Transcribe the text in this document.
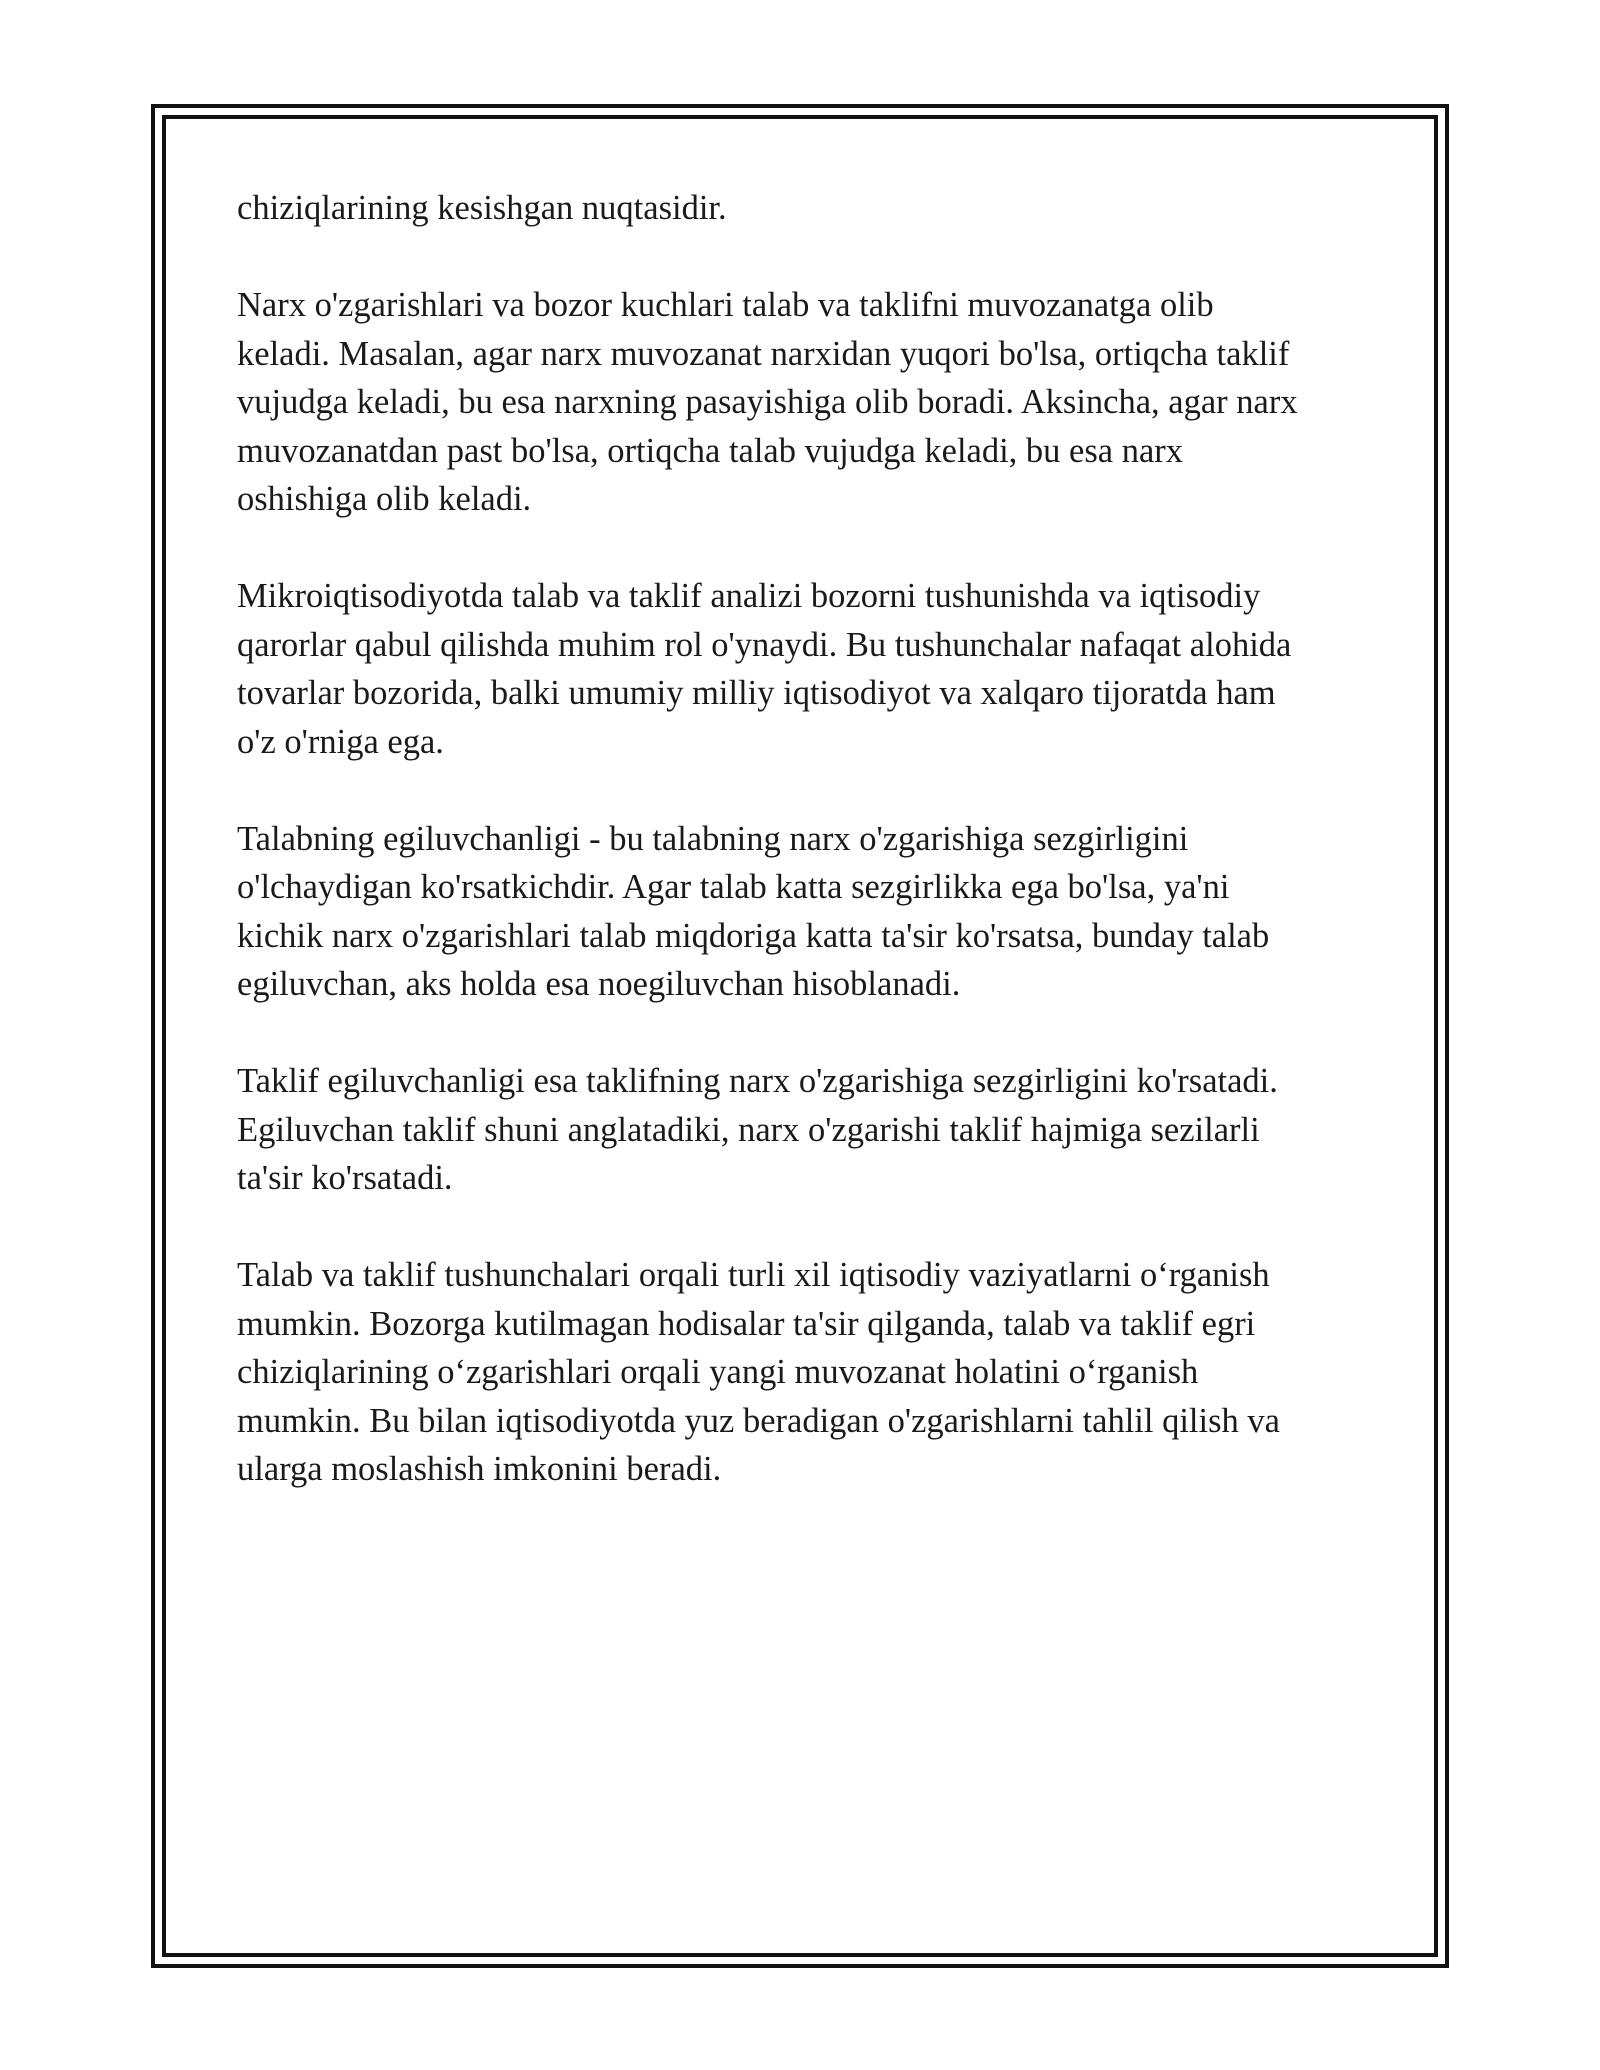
chiziqlarining kesishgan nuqtasidir.

Narx o'zgarishlari va bozor kuchlari talab va taklifni muvozanatga olib
keladi. Masalan, agar narx muvozanat narxidan yuqori bo'lsa, ortiqcha taklif
vujudga keladi, bu esa narxning pasayishiga olib boradi. Aksincha, agar narx
muvozanatdan past bo'lsa, ortiqcha talab vujudga keladi, bu esa narx
oshishiga olib keladi.

Mikroiqtisodiyotda talab va taklif analizi bozorni tushunishda va iqtisodiy
qarorlar qabul qilishda muhim rol o'ynaydi. Bu tushunchalar nafaqat alohida
tovarlar bozorida, balki umumiy milliy iqtisodiyot va xalqaro tijoratda ham
o'z o'rniga ega.

Talabning egiluvchanligi - bu talabning narx o'zgarishiga sezgirligini
o'lchaydigan ko'rsatkichdir. Agar talab katta sezgirlikka ega bo'lsa, ya'ni
kichik narx o'zgarishlari talab miqdoriga katta ta'sir ko'rsatsa, bunday talab
egiluvchan, aks holda esa noegiluvchan hisoblanadi.

Taklif egiluvchanligi esa taklifning narx o'zgarishiga sezgirligini ko'rsatadi.
Egiluvchan taklif shuni anglatadiki, narx o'zgarishi taklif hajmiga sezilarli
ta'sir ko'rsatadi.

Talab va taklif tushunchalari orqali turli xil iqtisodiy vaziyatlarni oʻrganish
mumkin. Bozorga kutilmagan hodisalar ta'sir qilganda, talab va taklif egri
chiziqlarining oʻzgarishlari orqali yangi muvozanat holatini oʻrganish
mumkin. Bu bilan iqtisodiyotda yuz beradigan o'zgarishlarni tahlil qilish va
ularga moslashish imkonini beradi.
